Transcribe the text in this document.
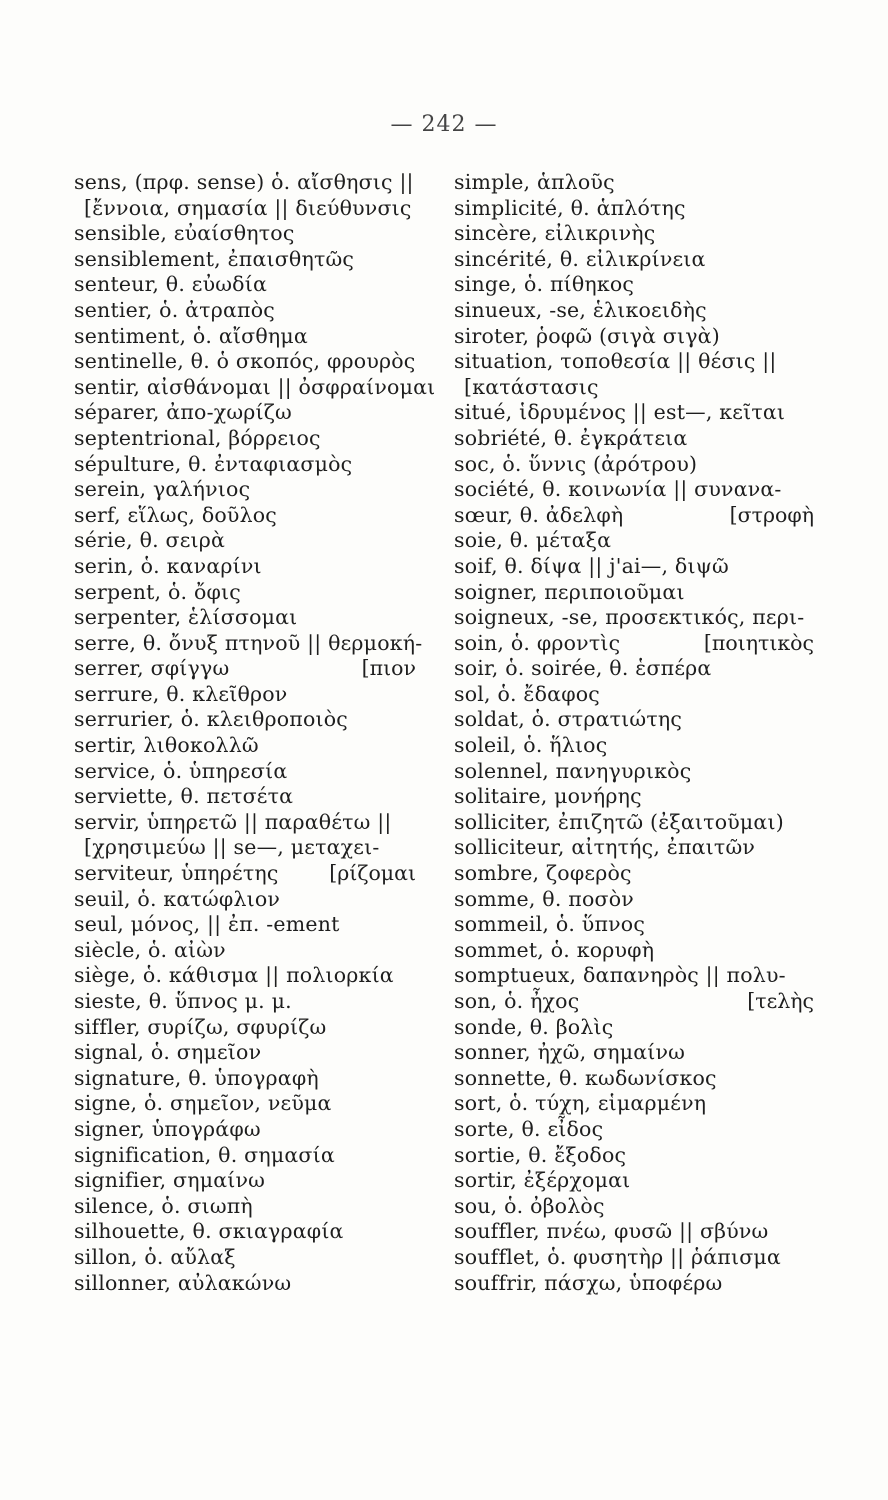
— 242 —
sens, (πρφ. sense) ὁ. αἴσθησις ||
[ἔννοια, σημασία || διεύθυνσις
sensible, εὐαίσθητος
sensiblement, ἐπαισθητῶς
senteur, θ. εὐωδία
sentier, ὁ. ἀτραπὸς
sentiment, ὁ. αἴσθημα
sentinelle, θ. ὁ σκοπός, φρουρὸς
sentir, αἰσθάνομαι || ὀσφραίνομαι
séparer, ἀπο-χωρίζω
septentrional, βόρρειος
sépulture, θ. ἐνταφιασμὸς
serein, γαλήνιος
serf, εἵλως, δοῦλος
série, θ. σειρὰ
serin, ὁ. καναρίνι
serpent, ὁ. ὄφις
serpenter, ἑλίσσομαι
serre, θ. ὄνυξ πτηνοῦ || θερμοκή-
serrer, σφίγγω	[πιον
serrure, θ. κλεῖθρον
serrurier, ὁ. κλειθροποιὸς
sertir, λιθοκολλῶ
service, ὁ. ὑπηρεσία
serviette, θ. πετσέτα
servir, ὑπηρετῶ || παραθέτω ||
[χρησιμεύω || se—, μεταχει-
serviteur, ὑπηρέτης [ρίζομαι
seuil, ὁ. κατώφλιον
seul, μόνος, || ἐπ. -ement
siècle, ὁ. αἰὼν
siège, ὁ. κάθισμα || πολιορκία
sieste, θ. ὕπνος μ. μ.
siffler, συρίζω, σφυρίζω
signal, ὁ. σημεῖον
signature, θ. ὑπογραφὴ
signe, ὁ. σημεῖον, νεῦμα
signer, ὑπογράφω
signification, θ. σημασία
signifier, σημαίνω
silence, ὁ. σιωπὴ
silhouette, θ. σκιαγραφία
sillon, ὁ. αὔλαξ
sillonner, αὐλακώνω
simple, ἁπλοῦς
simplicité, θ. ἁπλότης
sincère, εἰλικρινὴς
sincérité, θ. εἰλικρίνεια
singe, ὁ. πίθηκος
sinueux, -se, ἑλικοειδὴς
siroter, ῥοφῶ (σιγὰ σιγὰ)
situation, τοποθεσία || θέσις ||
[κατάστασις
situé, ἱδρυμένος || est—, κεῖται
sobriété, θ. ἐγκράτεια
soc, ὁ. ὕννις (ἀρότρου)
société, θ. κοινωνία || συνανα-
sœur, θ. ἀδελφὴ	[στροφὴ
soie, θ. μέταξα
soif, θ. δίψα || j'ai—, διψῶ
soigner, περιποιοῦμαι
soigneux, -se, προσεκτικός, περι-
soin, ὁ. φροντὶς	[ποιητικὸς
soir, ὁ. soirée, θ. ἑσπέρα
sol, ὁ. ἔδαφος
soldat, ὁ. στρατιώτης
soleil, ὁ. ἥλιος
solennel, πανηγυρικὸς
solitaire, μονήρης
solliciter, ἐπιζητῶ (ἐξαιτοῦμαι)
solliciteur, αἰτητής, ἐπαιτῶν
sombre, ζοφερὸς
somme, θ. ποσὸν
sommeil, ὁ. ὕπνος
sommet, ὁ. κορυφὴ
somptueux, δαπανηρὸς || πολυ-
son, ὁ. ἦχος	[τελὴς
sonde, θ. βολὶς
sonner, ἠχῶ, σημαίνω
sonnette, θ. κωδωνίσκος
sort, ὁ. τύχη, εἱμαρμένη
sorte, θ. εἶδος
sortie, θ. ἔξοδος
sortir, ἐξέρχομαι
sou, ὁ. ὀβολὸς
souffler, πνέω, φυσῶ || σβύνω
soufflet, ὁ. φυσητὴρ || ῥάπισμα
souffrir, πάσχω, ὑποφέρω
